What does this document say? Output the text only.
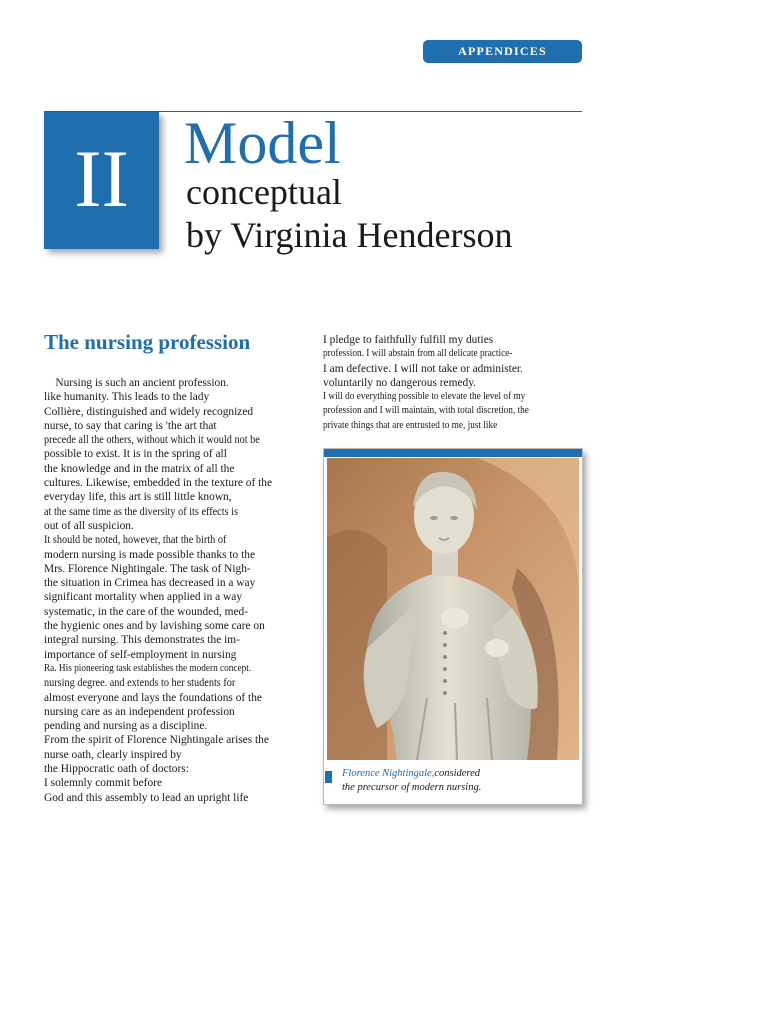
APPENDICES
II Model
conceptual
by Virginia Henderson
The nursing profession
Nursing is such an ancient profession.
like humanity. This leads to the lady
Collière, distinguished and widely recognized
nurse, to say that caring is 'the art that
precede all the others, without which it would not be
possible to exist. It is in the spring of all
the knowledge and in the matrix of all the
cultures. Likewise, embedded in the texture of the
everyday life, this art is still little known,
at the same time as the diversity of its effects is
out of all suspicion.
It should be noted, however, that the birth of
modern nursing is made possible thanks to the
Mrs. Florence Nightingale. The task of Nigh-
the situation in Crimea has decreased in a way
significant mortality when applied in a way
systematic, in the care of the wounded, med-
the hygienic ones and by lavishing some care on
integral nursing. This demonstrates the im-
importance of self-employment in nursing
Ra. His pioneering task establishes the modern concept.
nursing degree. and extends to her students for
almost everyone and lays the foundations of the
nursing care as an independent profession
pending and nursing as a discipline.
From the spirit of Florence Nightingale arises the
nurse oath, clearly inspired by
the Hippocratic oath of doctors:
I solemnly commit before
God and this assembly to lead an upright life
I pledge to faithfully fulfill my duties
profession. I will abstain from all delicate practice-
I am defective. I will not take or administer.
voluntarily no dangerous remedy.
I will do everything possible to elevate the level of my
profession and I will maintain, with total discretion, the
private things that are entrusted to me, just like
Florence Nightingale,considered
the precursor of modern nursing.
